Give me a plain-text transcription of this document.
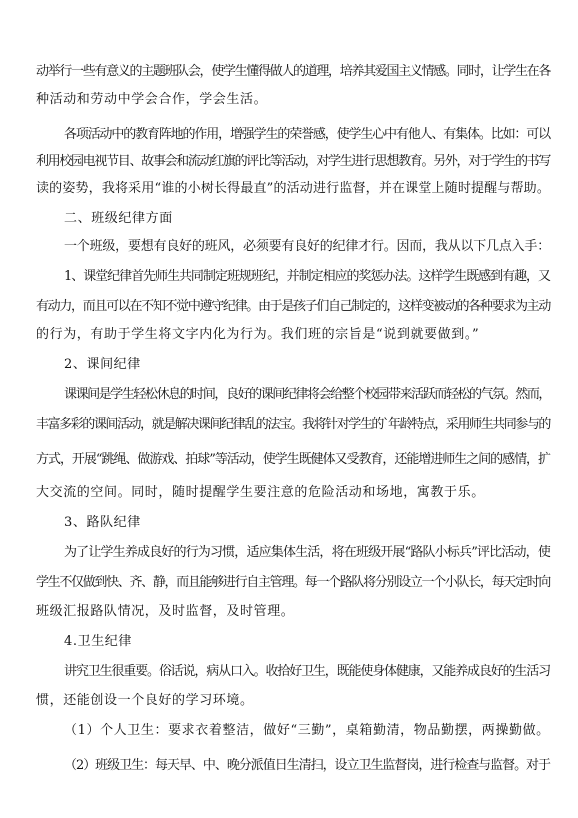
动举行一些有意义的主题班队会，使学生懂得做人的道理，培养其爱国主义情感。同时，让学生在各
种活动和劳动中学会合作，学会生活。
各项活动中的教育阵地的作用，增强学生的荣誉感，使学生心中有他人、有集体。比如：可以
利用校园电视节目、故事会和流动红旗的评比等活动，对学生进行思想教育。另外，对于学生的书写
读的姿势，我将采用“谁的小树长得最直”的活动进行监督，并在课堂上随时提醒与帮助。
二、班级纪律方面
一个班级，要想有良好的班风，必须要有良好的纪律才行。因而，我从以下几点入手：
1、课堂纪律首先师生共同制定班规班纪，并制定相应的奖惩办法。这样学生既感到有趣，又
有动力，而且可以在不知不觉中遵守纪律。由于是孩子们自己制定的，这样变被动的各种要求为主动
的行为，有助于学生将文字内化为行为。我们班的宗旨是“说到就要做到。”
2、课间纪律
课课间是学生轻松休息的时间，良好的课间纪律将会给整个校园带来活跃而轻松的气氛。然而，
丰富多彩的课间活动，就是解决课间纪律乱的法宝。我将针对学生的`年龄特点，采用师生共同参与的
方式，开展“跳绳、做游戏、拍球”等活动，使学生既健体又受教育，还能增进师生之间的感情，扩
大交流的空间。同时，随时提醒学生要注意的危险活动和场地，寓教于乐。
3、路队纪律
为了让学生养成良好的行为习惯，适应集体生活，将在班级开展“路队小标兵”评比活动，使
学生不仅做到快、齐、静，而且能够进行自主管理。每一个路队将分别设立一个小队长，每天定时向
班级汇报路队情况，及时监督，及时管理。
4.卫生纪律
讲究卫生很重要。俗话说，病从口入。收拾好卫生，既能使身体健康，又能养成良好的生活习
惯，还能创设一个良好的学习环境。
（1）个人卫生：要求衣着整洁，做好“三勤”，桌箱勤清，物品勤摆，两操勤做。
（2）班级卫生：每天早、中、晚分派值日生清扫，设立卫生监督岗，进行检查与监督。对于
